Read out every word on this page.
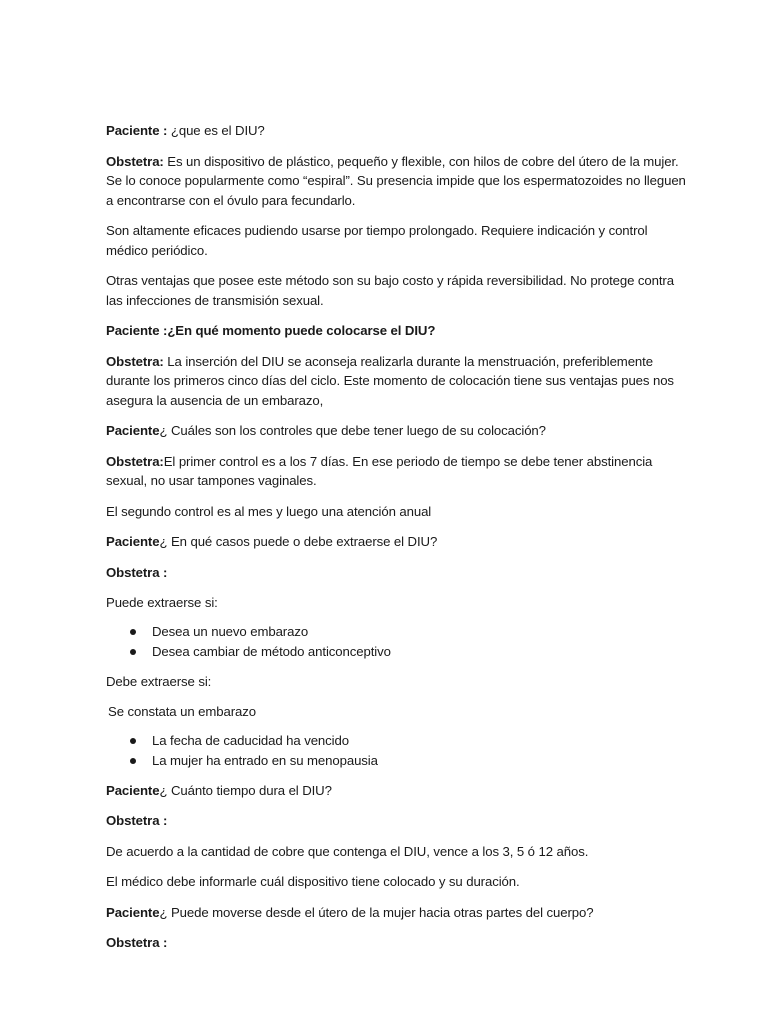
Paciente : ¿que es el DIU?

Obstetra: Es un dispositivo de plástico, pequeño y flexible, con hilos de cobre del útero de la mujer. Se lo conoce popularmente como “espiral”. Su presencia impide que los espermatozoides no lleguen a encontrarse con el óvulo para fecundarlo.

Son altamente eficaces pudiendo usarse por tiempo prolongado. Requiere indicación y control médico periódico.

Otras ventajas que posee este método son su bajo costo y rápida reversibilidad. No protege contra las infecciones de transmisión sexual.

Paciente :¿En qué momento puede colocarse el DIU?

Obstetra: La inserción del DIU se aconseja realizarla durante la menstruación, preferiblemente durante los primeros cinco días del ciclo. Este momento de colocación tiene sus ventajas pues nos asegura la ausencia de un embarazo,

Paciente¿ Cuáles son los controles que debe tener luego de su colocación?

Obstetra:El primer control es a los 7 días. En ese periodo de tiempo se debe tener abstinencia sexual, no usar tampones vaginales.

El segundo control es al mes y luego una atención anual

Paciente¿ En qué casos puede o debe extraerse el DIU?

Obstetra :

Puede extraerse si:

Desea un nuevo embarazo
Desea cambiar de método anticonceptivo

Debe extraerse si:

Se constata un embarazo

La fecha de caducidad ha vencido
La mujer ha entrado en su menopausia

Paciente¿ Cuánto tiempo dura el DIU?

Obstetra :

De acuerdo a la cantidad de cobre que contenga el DIU, vence a los 3, 5 ó 12 años.

El médico debe informarle cuál dispositivo tiene colocado y su duración.

Paciente¿ Puede moverse desde el útero de la mujer hacia otras partes del cuerpo?

Obstetra :
